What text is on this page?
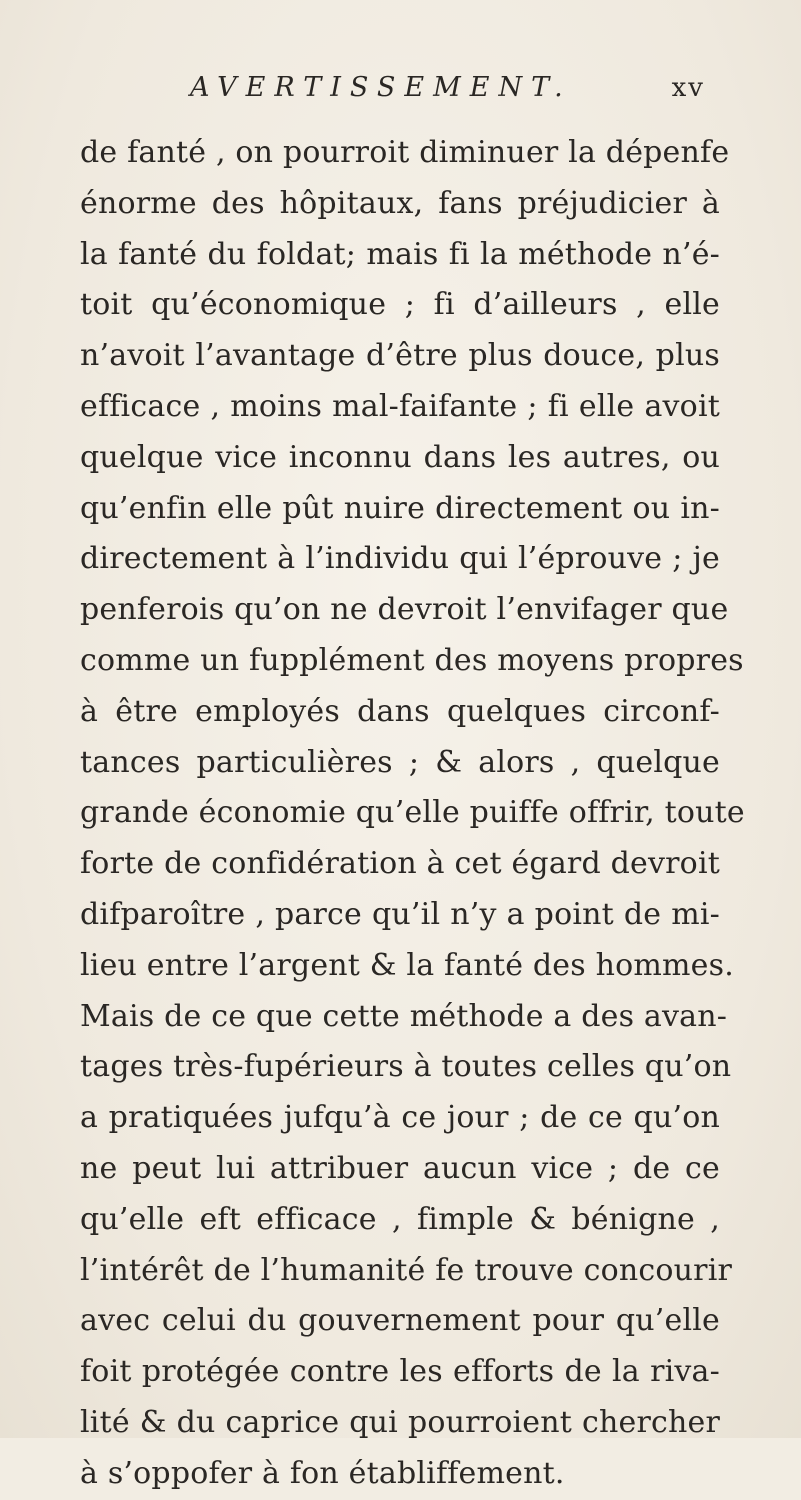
AVERTISSEMENT.	xv
de fanté , on pourroit diminuer la dépenfe
énorme des hôpitaux, fans préjudicier à
la fanté du foldat; mais fi la méthode n’é-
toit qu’économique ; fi d’ailleurs , elle
n’avoit l’avantage d’être plus douce, plus
efficace , moins mal-faifante ; fi elle avoit
quelque vice inconnu dans les autres, ou
qu’enfin elle pût nuire directement ou in-
directement à l’individu qui l’éprouve ; je
penferois qu’on ne devroit l’envifager que
comme un fupplément des moyens propres
à être employés dans quelques circonf-
tances particulières ; & alors , quelque
grande économie qu’elle puiffe offrir, toute
forte de confidération à cet égard devroit
difparoître , parce qu’il n’y a point de mi-
lieu entre l’argent & la fanté des hommes.
Mais de ce que cette méthode a des avan-
tages très-fupérieurs à toutes celles qu’on
a pratiquées jufqu’à ce jour ; de ce qu’on
ne peut lui attribuer aucun vice ; de ce
qu’elle eft efficace , fimple & bénigne ,
l’intérêt de l’humanité fe trouve concourir
avec celui du gouvernement pour qu’elle
foit protégée contre les efforts de la riva-
lité & du caprice qui pourroient chercher
à s’oppofer à fon établiffement.
